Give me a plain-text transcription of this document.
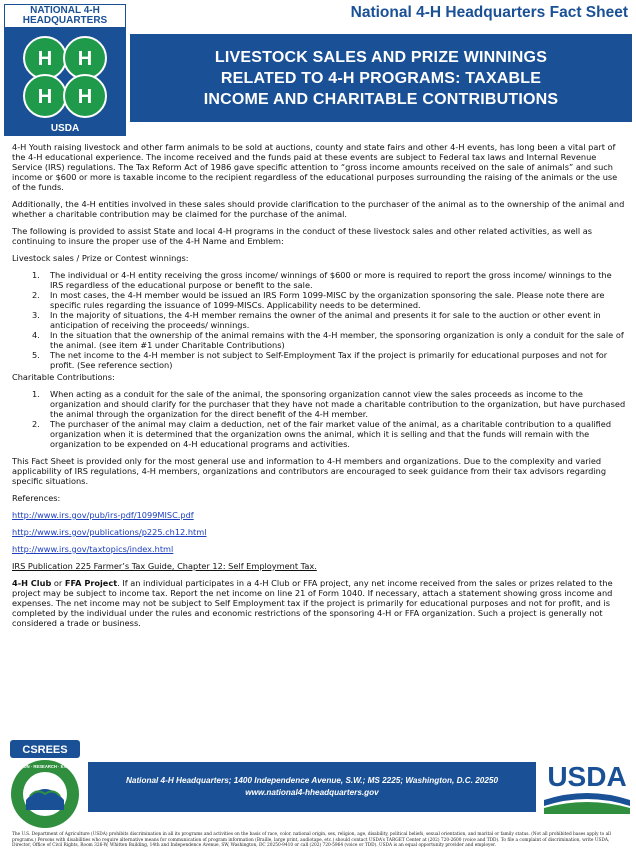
NATIONAL 4-H
HEADQUARTERS
H H
H H
USDA
National 4-H Headquarters Fact Sheet
LIVESTOCK SALES AND PRIZE WINNINGS
RELATED TO 4-H PROGRAMS: TAXABLE
INCOME AND CHARITABLE CONTRIBUTIONS

4-H Youth raising livestock and other farm animals to be sold at auctions, county and state fairs and other 4-H events, has long been a vital part of the 4-H educational experience. The income received and the funds paid at these events are subject to Federal tax laws and Internal Revenue Service (IRS) regulations. The Tax Reform Act of 1986 gave specific attention to “gross income amounts received on the sale of animals” and such income or $600 or more is taxable income to the recipient regardless of the educational purposes surrounding the raising of the animals or the use of the funds.

Additionally, the 4-H entities involved in these sales should provide clarification to the purchaser of the animal as to the ownership of the animal and whether a charitable contribution may be claimed for the purchase of the animal.

The following is provided to assist State and local 4-H programs in the conduct of these livestock sales and other related activities, as well as continuing to insure the proper use of the 4-H Name and Emblem:

Livestock sales / Prize or Contest winnings:

1. The individual or 4-H entity receiving the gross income/ winnings of $600 or more is required to report the gross income/ winnings to the IRS regardless of the educational purpose or benefit to the sale.
2. In most cases, the 4-H member would be issued an IRS Form 1099-MISC by the organization sponsoring the sale. Please note there are specific rules regarding the issuance of 1099-MISCs. Applicability needs to be determined.
3. In the majority of situations, the 4-H member remains the owner of the animal and presents it for sale to the auction or other event in anticipation of receiving the proceeds/ winnings.
4. In the situation that the ownership of the animal remains with the 4-H member, the sponsoring organization is only a conduit for the sale of the animal. (see item #1 under Charitable Contributions)
5. The net income to the 4-H member is not subject to Self-Employment Tax if the project is primarily for educational purposes and not for profit. (See reference section)

Charitable Contributions:

1. When acting as a conduit for the sale of the animal, the sponsoring organization cannot view the sales proceeds as income to the organization and should clarify for the purchaser that they have not made a charitable contribution to the organization, but have purchased the animal through the organization for the direct benefit of the 4-H member.
2. The purchaser of the animal may claim a deduction, net of the fair market value of the animal, as a charitable contribution to a qualified organization when it is determined that the organization owns the animal, which it is selling and that the funds will remain with the organization to be expended on 4-H educational programs and activities.

This Fact Sheet is provided only for the most general use and information to 4-H members and organizations. Due to the complexity and varied applicability of IRS regulations, 4-H members, organizations and contributors are encouraged to seek guidance from their tax advisors regarding specific situations.

References:

http://www.irs.gov/pub/irs-pdf/1099MISC.pdf
http://www.irs.gov/publications/p225.ch12.html
http://www.irs.gov/taxtopics/index.html

IRS Publication 225 Farmer’s Tax Guide, Chapter 12: Self Employment Tax.

4-H Club or FFA Project. If an individual participates in a 4-H Club or FFA project, any net income received from the sales or prizes related to the project may be subject to income tax. Report the net income on line 21 of Form 1040. If necessary, attach a statement showing gross income and expenses. The net income may not be subject to Self Employment tax if the project is primarily for educational purposes and not for profit, and is completed by the individual under the rules and economic restrictions of the sponsoring 4-H or FFA organization. Such a project is generally not considered a trade or business.

CSREES
EDUCATION · RESEARCH · EXTENSION
National 4-H Headquarters; 1400 Independence Avenue, S.W.; MS 2225; Washington, D.C. 20250
www.national4-hheadquarters.gov
USDA
The U.S. Department of Agriculture (USDA) prohibits discrimination in all its programs and activities on the basis of race, color, national origin, sex, religion, age, disability, political beliefs, sexual orientation, and marital or family status. (Not all prohibited bases apply to all programs.) Persons with disabilities who require alternative means for communication of program information (Braille, large print, audiotape, etc.) should contact USDA’s TARGET Center at (202) 720-2600 (voice and TDD). To file a complaint of discrimination, write USDA, Director, Office of Civil Rights, Room 326-W, Whitten Building, 14th and Independence Avenue, SW, Washington, DC 20250-9410 or call (202) 720-5964 (voice or TDD). USDA is an equal opportunity provider and employer.
